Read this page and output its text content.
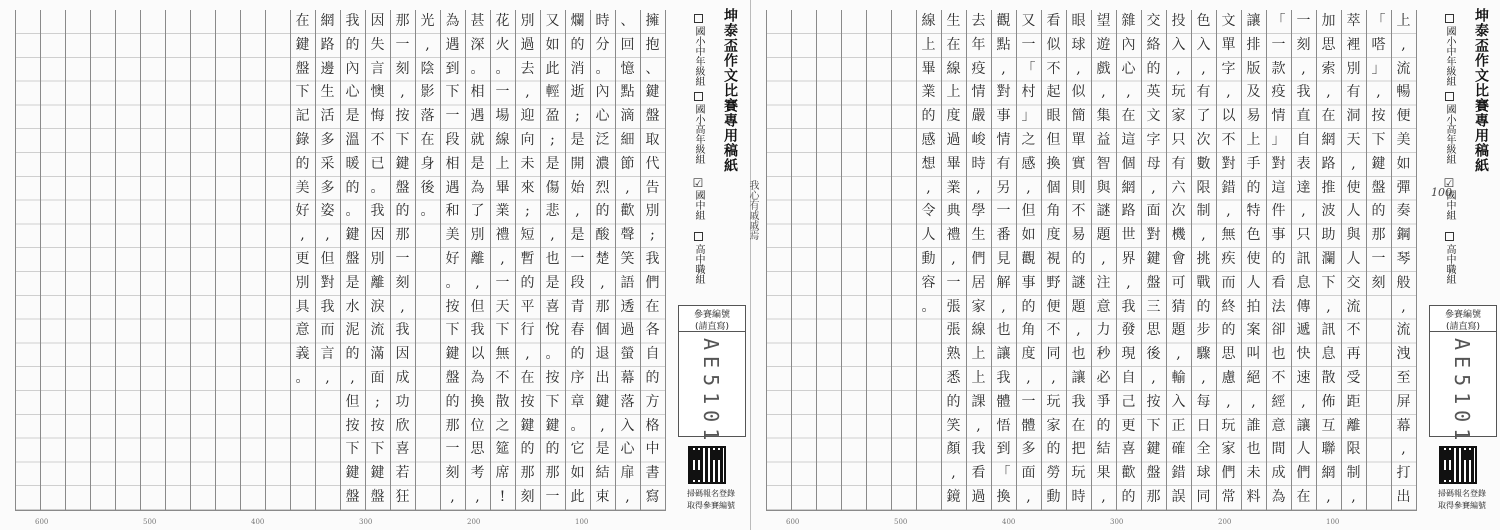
擁
抱
、
鍵
盤
取
代
告
別
;
我
們
在
各
自
的
方
格
中
書
寫
、
回
憶
點
滴
細
節
,
歡
聲
笑
語
透
過
螢
幕
落
入
心
扉
,
時
分
。
內
心
泛
濃
烈
的
酸
楚
,
那
個
退
出
鍵
,
是
結
束
爛
的
消
逝
;
是
開
始
,
是
一
段
青
春
的
序
章
。
它
如
此
又
如
此
輕
盈
;
是
傷
悲
,
也
是
喜
悅
。
按
下
鍵
的
那
一
別
過
去
,
迎
向
未
來
;
短
暫
的
平
行
,
在
按
鍵
的
那
刻
花
火
。
一
場
線
上
畢
業
禮
,
一
天
下
無
不
散
之
筵
席
!
甚
深
。
相
遇
就
是
為
了
別
離
,
但
我
以
為
換
位
思
考
,
為
遇
到
下
一
段
相
遇
和
美
好
。
按
下
鍵
盤
的
那
一
刻
,
光
,
陰
影
落
在
身
後
。
那
一
刻
,
按
下
鍵
盤
的
那
一
刻
,
我
因
成
功
欣
喜
若
狂
因
失
言
懊
悔
不
已
。
我
因
別
離
淚
流
滿
面
;
按
下
鍵
盤
我
的
內
心
是
溫
暖
的
。
鍵
盤
是
水
泥
的
,
但
按
下
鍵
盤
網
路
邊
生
活
多
采
多
姿
,
但
對
我
而
言
,
在
鍵
盤
下
記
錄
的
美
好
,
更
別
具
意
義
。
600	500	400	300	200	100
坤泰盃作文比賽專用稿紙
國小中年級組
國小高年級組
☑國中組
高中職組
參賽編號
(請直寫)
AE5101
掃碼報名登錄
取得參賽編號
上
,
流
暢
便
美
如
彈
奏
鋼
琴
般
,
流
洩
至
屏
幕
,
打
出
「
嗒
」
,
按
下
鍵
盤
的
那
一
刻
萃
裡
別
有
洞
天
,
使
人
與
人
交
流
不
再
受
距
離
限
制
,
加
思
索
,
在
網
路
推
波
助
瀾
下
,
訊
息
散
佈
互
聯
網
,
一
刻
,
我
直
自
表
達
,
只
訊
息
傳
遞
快
速
,
讓
人
們
在
「
一
款
疫
情
」
對
這
件
事
的
看
法
卻
也
不
經
意
間
成
為
讓
排
版
及
易
上
手
的
特
色
使
人
拍
案
叫
絕
,
誰
也
未
料
文
單
字
,
以
不
對
錯
,
無
疾
而
終
的
思
慮
,
玩
家
們
常
色
入
,
有
了
次
數
限
制
,
挑
戰
的
步
驟
,
每
日
全
球
同
投
入
,
玩
家
只
有
六
次
機
會
可
猜
題
,
輸
入
正
確
錯
誤
交
絡
的
英
文
字
母
,
面
對
鍵
盤
三
思
後
,
按
下
鍵
盤
那
雜
內
心
,
在
這
個
網
路
世
界
,
我
發
現
自
己
更
喜
歡
的
望
遊
戲
,
集
益
智
與
謎
題
,
注
意
力
秒
必
爭
的
結
果
,
眼
球
,
似
簡
單
實
則
不
易
的
謎
題
,
也
讓
我
在
把
玩
時
看
似
不
起
眼
但
換
個
角
度
視
野
便
不
同
,
玩
家
的
勞
動
又
一
「
村
」
之
感
,
但
如
觀
事
的
角
度
,
一
體
多
面
,
觀
點
,
對
事
情
有
另
一
番
見
解
,
也
讓
我
體
悟
到
「
換
去
年
疫
情
嚴
峻
時
,
學
生
們
居
家
線
上
上
課
,
我
看
過
生
在
線
上
度
過
畢
業
典
禮
,
一
張
張
熟
悉
的
笑
顏
,
鏡
線
上
畢
業
的
感
想
,
令
人
動
容
。
600	500	400	300	200	100
我心有戚戚焉
坤泰盃作文比賽專用稿紙
國小中年級組
國小高年級組
☑國中組
高中職組
100
參賽編號
(請直寫)
AE5101
掃碼報名登錄
取得參賽編號
